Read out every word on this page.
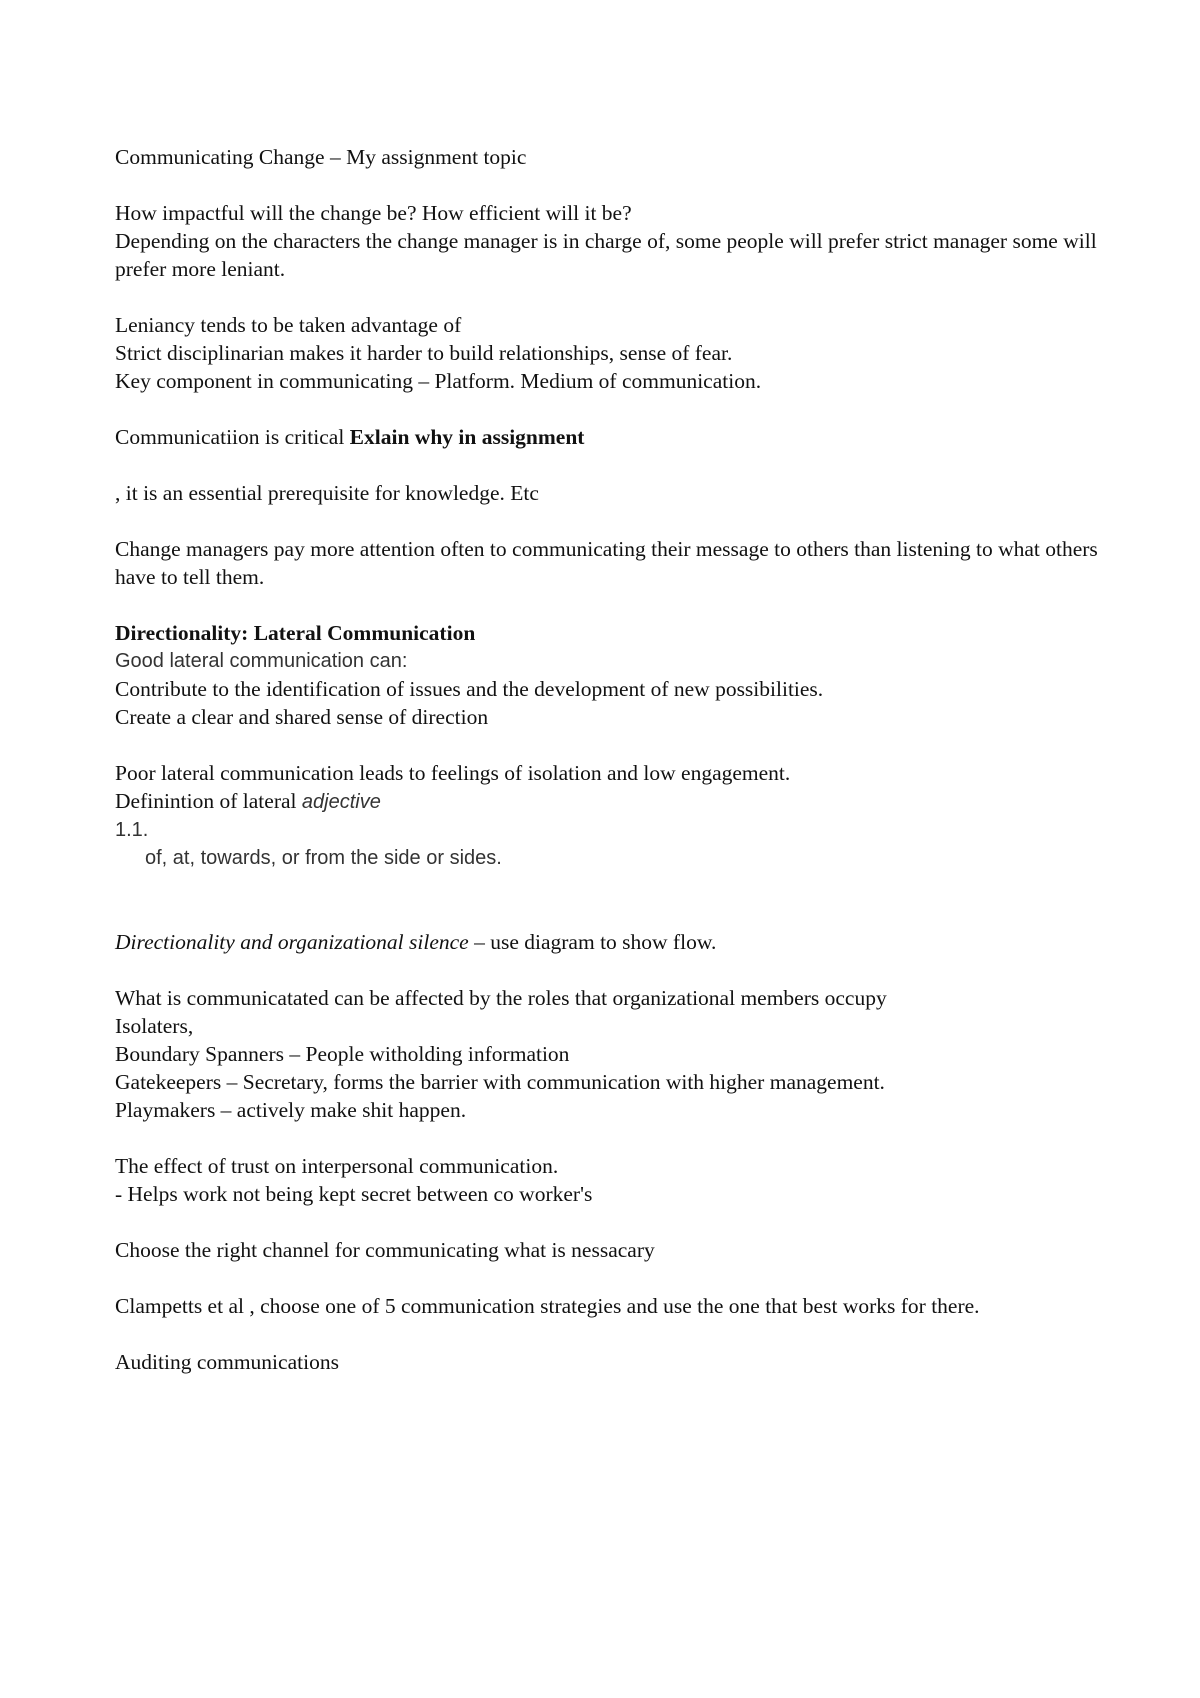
Communicating Change – My assignment topic

How impactful will the change be? How efficient will it be?

Depending on the characters the change manager is in charge of, some people will prefer strict manager some will prefer more leniant.

Leniancy tends to be taken advantage of

Strict disciplinarian makes it harder to build relationships, sense of fear.

Key component in communicating – Platform. Medium of communication.

Communicatiion is critical Exlain why in assignment

, it is an essential prerequisite for knowledge. Etc

Change managers pay more attention often to communicating their message to others than listening to what others have to tell them.

Directionality: Lateral Communication

Good lateral communication can:

Contribute to the identification of issues and the development of new possibilities.

Create a clear and shared sense of direction

Poor lateral communication leads to feelings of isolation and low engagement.

Definintion of lateral adjective

1.1.

of, at, towards, or from the side or sides.

Directionality and organizational silence – use diagram to show flow.

What is communicatated can be affected by the roles that organizational members occupy

Isolaters,

Boundary Spanners – People witholding information

Gatekeepers – Secretary, forms the barrier with communication with higher management.

Playmakers – actively make shit happen.

The effect of trust on interpersonal communication.

- Helps work not being kept secret between co worker's

Choose the right channel for communicating what is nessacary

Clampetts et al , choose one of 5 communication strategies and use the one that best works for there.

Auditing communications
